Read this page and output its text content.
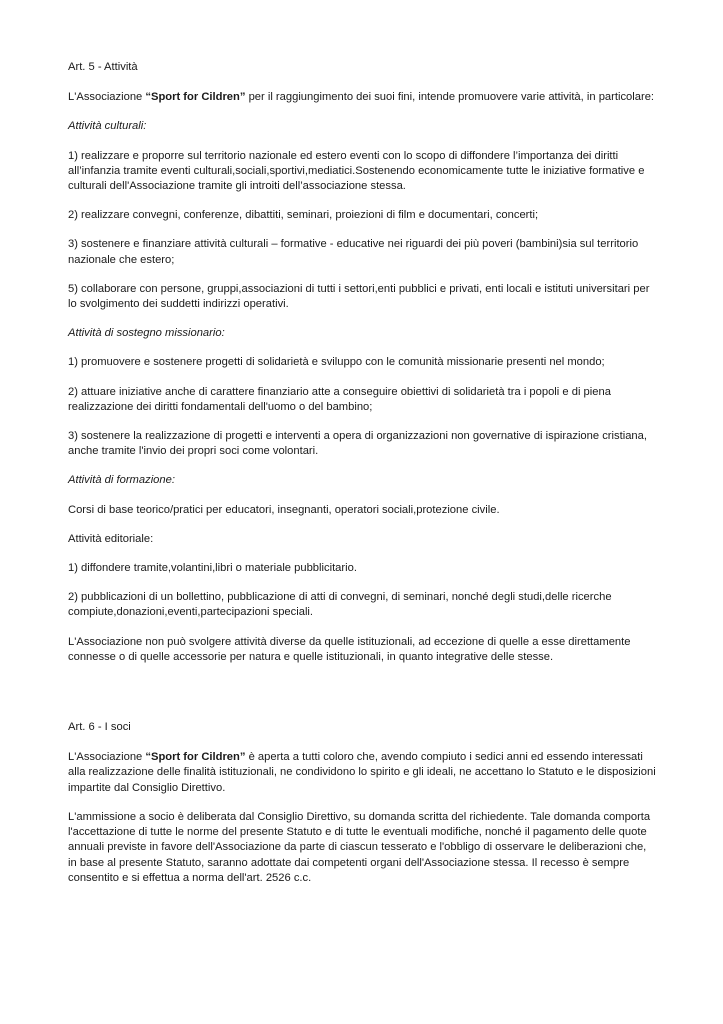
Art. 5 - Attività

L'Associazione “Sport for Cildren” per il raggiungimento dei suoi fini, intende promuovere varie attività, in particolare:

Attività culturali:

1) realizzare e proporre sul territorio nazionale ed estero eventi con lo scopo di diffondere l’importanza dei diritti all’infanzia tramite eventi culturali,sociali,sportivi,mediatici.Sostenendo economicamente tutte le iniziative formative e culturali dell'Associazione tramite gli introiti dell’associazione stessa.

2) realizzare convegni, conferenze, dibattiti, seminari, proiezioni di film e documentari, concerti;

3) sostenere e finanziare attività culturali – formative - educative nei riguardi dei più poveri (bambini)sia sul territorio nazionale che estero;

5) collaborare con persone, gruppi,associazioni di tutti i settori,enti pubblici e privati, enti locali e istituti universitari per lo svolgimento dei suddetti indirizzi operativi.

Attività di sostegno missionario:

1) promuovere e sostenere progetti di solidarietà e sviluppo con le comunità missionarie presenti nel mondo;

2) attuare iniziative anche di carattere finanziario atte a conseguire obiettivi di solidarietà tra i popoli e di piena realizzazione dei diritti fondamentali dell'uomo o del bambino;

3) sostenere la realizzazione di progetti e interventi a opera di organizzazioni non governative di ispirazione cristiana, anche tramite l'invio dei propri soci come volontari.

Attività di formazione:

Corsi di base teorico/pratici per educatori, insegnanti, operatori sociali,protezione civile.

Attività editoriale:

1) diffondere tramite,volantini,libri o materiale pubblicitario.

2) pubblicazioni di un bollettino, pubblicazione di atti di convegni, di seminari, nonché degli studi,delle ricerche compiute,donazioni,eventi,partecipazioni speciali.

L'Associazione non può svolgere attività diverse da quelle istituzionali, ad eccezione di quelle a esse direttamente connesse o di quelle accessorie per natura e quelle istituzionali, in quanto integrative delle stesse.

Art. 6 - I soci

L'Associazione “Sport for Cildren” è aperta a tutti coloro che, avendo compiuto i sedici anni ed essendo interessati alla realizzazione delle finalità istituzionali, ne condividono lo spirito e gli ideali, ne accettano lo Statuto e le disposizioni impartite dal Consiglio Direttivo.

L'ammissione a socio è deliberata dal Consiglio Direttivo, su domanda scritta del richiedente. Tale domanda comporta l'accettazione di tutte le norme del presente Statuto e di tutte le eventuali modifiche, nonché il pagamento delle quote annuali previste in favore dell'Associazione da parte di ciascun tesserato e l'obbligo di osservare le deliberazioni che, in base al presente Statuto, saranno adottate dai competenti organi dell'Associazione stessa. Il recesso è sempre consentito e si effettua a norma dell'art. 2526 c.c.
